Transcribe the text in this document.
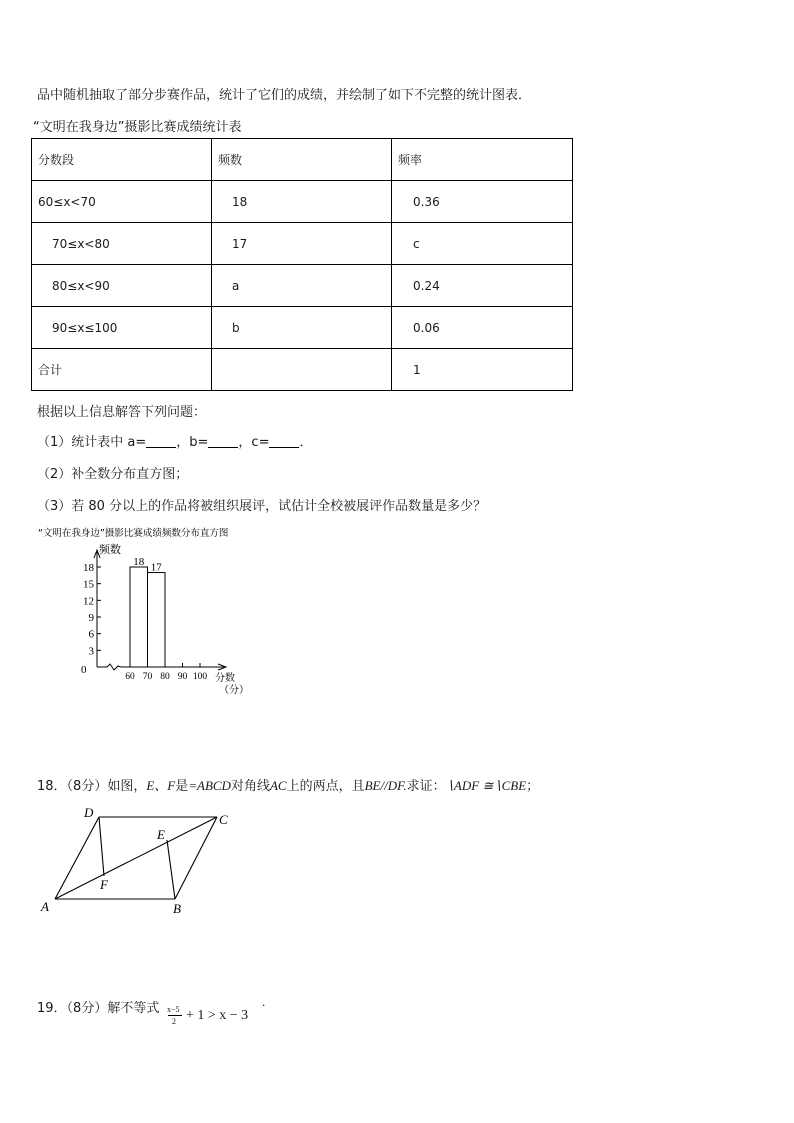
品中随机抽取了部分步赛作品，统计了它们的成绩，并绘制了如下不完整的统计图表．
“文明在我身边”摄影比赛成绩统计表
分数段	频数	频率
60≤x<70	18	0.36
70≤x<80	17	c
80≤x<90	a	0.24
90≤x≤100	b	0.06
合计		1
根据以上信息解答下列问题：
（1）统计表中 a= ，b= ，c= ．
（2）补全数分布直方图；
（3）若 80 分以上的作品将被组织展评，试估计全校被展评作品数量是多少？
“文明在我身边”摄影比赛成绩频数分布直方图
频数
分数
（分）
0
3
6
9
12
15
18
60 70 80 90 100
18 17
18．（8分）如图，E、F是=ABCD对角线AC上的两点，且BE//DF.求证：∖ADF ≅∖CBE；
A	B
C
D
E
F
19．（8分）解不等式 x−5
2 + 1 > x − 3
.
